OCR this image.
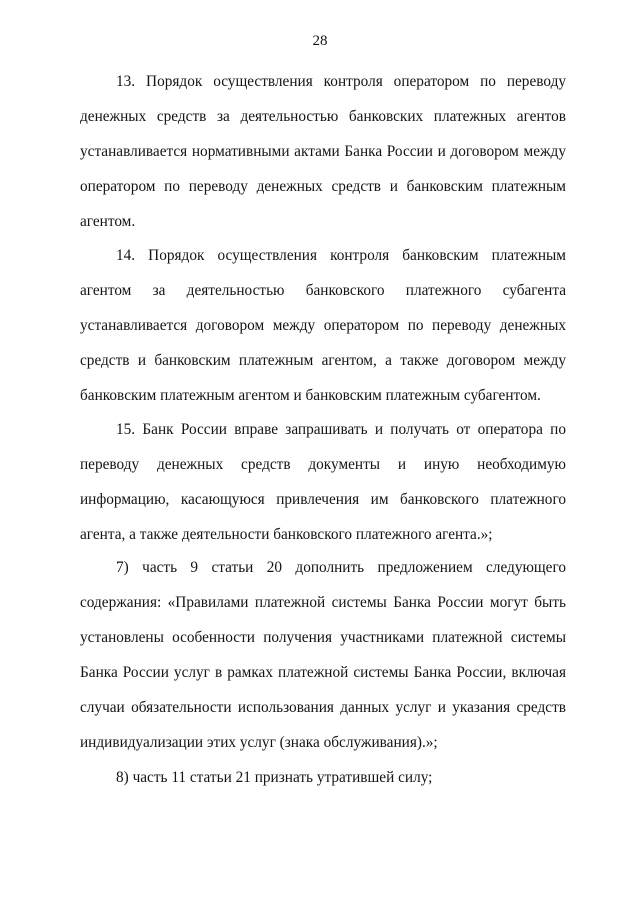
28
13. Порядок осуществления контроля оператором по переводу
денежных средств за деятельностью банковских платежных агентов
устанавливается нормативными актами Банка России и договором между
оператором по переводу денежных средств и банковским платежным
агентом.
14. Порядок осуществления контроля банковским платежным
агентом за деятельностью банковского платежного субагента
устанавливается договором между оператором по переводу денежных
средств и банковским платежным агентом, а также договором между
банковским платежным агентом и банковским платежным субагентом.
15. Банк России вправе запрашивать и получать от оператора по
переводу денежных средств документы и иную необходимую
информацию, касающуюся привлечения им банковского платежного
агента, а также деятельности банковского платежного агента.»;
7) часть 9 статьи 20 дополнить предложением следующего
содержания: «Правилами платежной системы Банка России могут быть
установлены особенности получения участниками платежной системы
Банка России услуг в рамках платежной системы Банка России, включая
случаи обязательности использования данных услуг и указания средств
индивидуализации этих услуг (знака обслуживания).»;
8) часть 11 статьи 21 признать утратившей силу;
